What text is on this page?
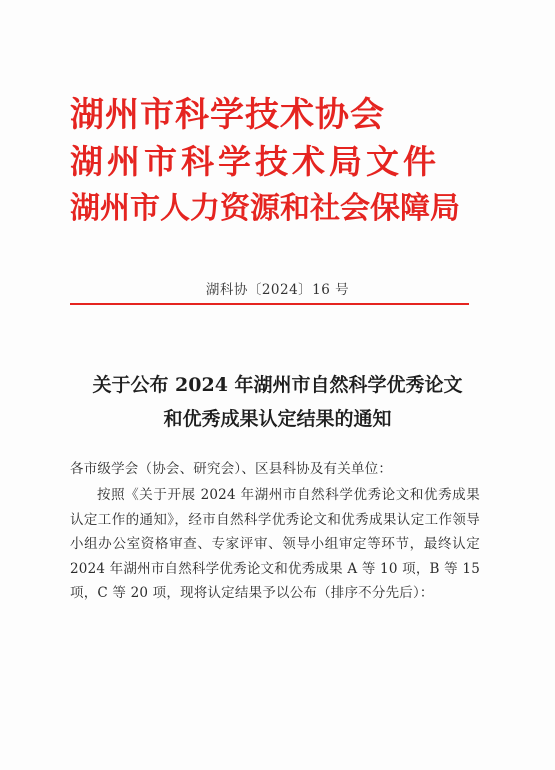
湖州市科学技术协会
湖州市科学技术局文件
湖州市人力资源和社会保障局
湖科协〔2024〕16 号
关于公布 2024 年湖州市自然科学优秀论文
和优秀成果认定结果的通知
各市级学会（协会、研究会）、区县科协及有关单位：
按照《关于开展 2024 年湖州市自然科学优秀论文和优秀成果认定工作的通知》，经市自然科学优秀论文和优秀成果认定工作领导小组办公室资格审查、专家评审、领导小组审定等环节，最终认定 2024 年湖州市自然科学优秀论文和优秀成果 A 等 10 项，B 等 15 项，C 等 20 项，现将认定结果予以公布（排序不分先后）：
